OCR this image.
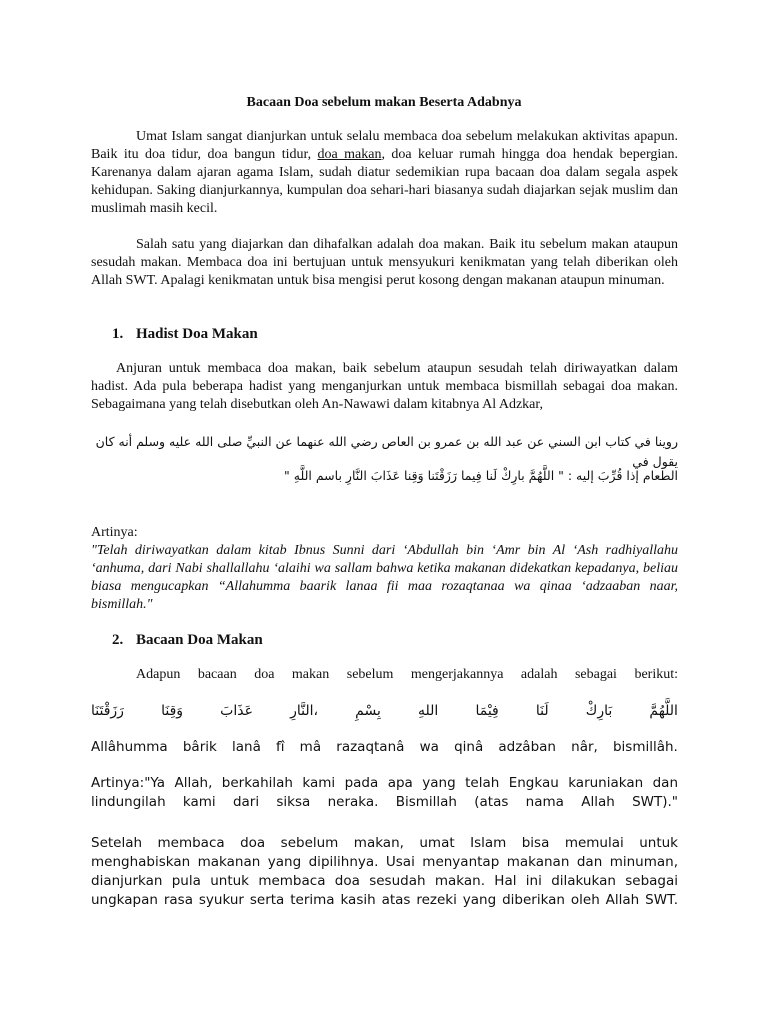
Bacaan Doa sebelum makan Beserta Adabnya

Umat Islam sangat dianjurkan untuk selalu membaca doa sebelum melakukan aktivitas apapun. Baik itu doa tidur, doa bangun tidur, doa makan, doa keluar rumah hingga doa hendak bepergian. Karenanya dalam ajaran agama Islam, sudah diatur sedemikian rupa bacaan doa dalam segala aspek kehidupan. Saking dianjurkannya, kumpulan doa sehari-hari biasanya sudah diajarkan sejak muslim dan muslimah masih kecil.

Salah satu yang diajarkan dan dihafalkan adalah doa makan. Baik itu sebelum makan ataupun sesudah makan. Membaca doa ini bertujuan untuk mensyukuri kenikmatan yang telah diberikan oleh Allah SWT. Apalagi kenikmatan untuk bisa mengisi perut kosong dengan makanan ataupun minuman.

1. Hadist Doa Makan

Anjuran untuk membaca doa makan, baik sebelum ataupun sesudah telah diriwayatkan dalam hadist. Ada pula beberapa hadist yang menganjurkan untuk membaca bismillah sebagai doa makan. Sebagaimana yang telah disebutkan oleh An-Nawawi dalam kitabnya Al Adzkar,

روينا في كتاب ابن السني عن عبد الله بن عمرو بن العاص رضي الله عنهما عن النبيِّ صلى الله عليه وسلم أنه كان يقول في

الطعام إذا قُرِّبَ إليه : " اللَّهُمَّ بارِكْ لَنا فِيما رَزَقْتَنا وَقِنا عَذَابَ النَّارِ باسم اللَّهِ "

Artinya:

"Telah diriwayatkan dalam kitab Ibnus Sunni dari ‘Abdullah bin ‘Amr bin Al ‘Ash radhiyallahu ‘anhuma, dari Nabi shallallahu ‘alaihi wa sallam bahwa ketika makanan didekatkan kepadanya, beliau biasa mengucapkan “Allahumma baarik lanaa fii maa rozaqtanaa wa qinaa ‘adzaaban naar, bismillah."

2. Bacaan Doa Makan

Adapun bacaan doa makan sebelum mengerjakannya adalah sebagai berikut:

اللَّهُمَّ
بَارِكْ
لَنَا
فِيْمَا
اللهِ
بِسْمِ
النَّارِ،
عَذَابَ
وَقِنَا
رَزَقْتَنَا
Allâhumma bârik lanâ fî mâ razaqtanâ wa qinâ adzâban nâr, bismillâh.

Artinya:"Ya Allah, berkahilah kami pada apa yang telah Engkau karuniakan dan lindungilah kami dari siksa neraka. Bismillah (atas nama Allah SWT)."

Setelah membaca doa sebelum makan, umat Islam bisa memulai untuk menghabiskan makanan yang dipilihnya. Usai menyantap makanan dan minuman, dianjurkan pula untuk membaca doa sesudah makan. Hal ini dilakukan sebagai ungkapan rasa syukur serta terima kasih atas rezeki yang diberikan oleh Allah SWT.
